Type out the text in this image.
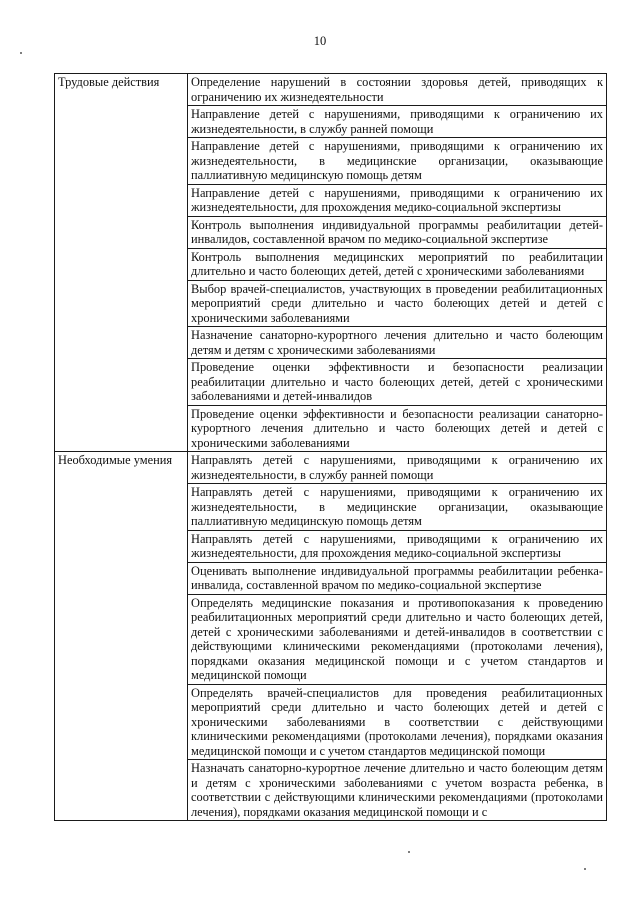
10
Трудовые действия	Определение нарушений в состоянии здоровья детей, приводящих к ограничению их жизнедеятельности
	Направление детей с нарушениями, приводящими к ограничению их жизнедеятельности, в службу ранней помощи
	Направление детей с нарушениями, приводящими к ограничению их жизнедеятельности, в медицинские организации, оказывающие паллиативную медицинскую помощь детям
	Направление детей с нарушениями, приводящими к ограничению их жизнедеятельности, для прохождения медико-социальной экспертизы
	Контроль выполнения индивидуальной программы реабилитации детей-инвалидов, составленной врачом по медико-социальной экспертизе
	Контроль выполнения медицинских мероприятий по реабилитации длительно и часто болеющих детей, детей с хроническими заболеваниями
	Выбор врачей-специалистов, участвующих в проведении реабилитационных мероприятий среди длительно и часто болеющих детей и детей с хроническими заболеваниями
	Назначение санаторно-курортного лечения длительно и часто болеющим детям и детям с хроническими заболеваниями
	Проведение оценки эффективности и безопасности реализации реабилитации длительно и часто болеющих детей, детей с хроническими заболеваниями и детей-инвалидов
	Проведение оценки эффективности и безопасности реализации санаторно-курортного лечения длительно и часто болеющих детей и детей с хроническими заболеваниями
Необходимые умения	Направлять детей с нарушениями, приводящими к ограничению их жизнедеятельности, в службу ранней помощи
	Направлять детей с нарушениями, приводящими к ограничению их жизнедеятельности, в медицинские организации, оказывающие паллиативную медицинскую помощь детям
	Направлять детей с нарушениями, приводящими к ограничению их жизнедеятельности, для прохождения медико-социальной экспертизы
	Оценивать выполнение индивидуальной программы реабилитации ребенка-инвалида, составленной врачом по медико-социальной экспертизе
	Определять медицинские показания и противопоказания к проведению реабилитационных мероприятий среди длительно и часто болеющих детей, детей с хроническими заболеваниями и детей-инвалидов в соответствии с действующими клиническими рекомендациями (протоколами лечения), порядками оказания медицинской помощи и с учетом стандартов и медицинской помощи
	Определять врачей-специалистов для проведения реабилитационных мероприятий среди длительно и часто болеющих детей и детей с хроническими заболеваниями в соответствии с действующими клиническими рекомендациями (протоколами лечения), порядками оказания медицинской помощи и с учетом стандартов медицинской помощи
	Назначать санаторно-курортное лечение длительно и часто болеющим детям и детям с хроническими заболеваниями с учетом возраста ребенка, в соответствии с действующими клиническими рекомендациями (протоколами лечения), порядками оказания медицинской помощи и с
